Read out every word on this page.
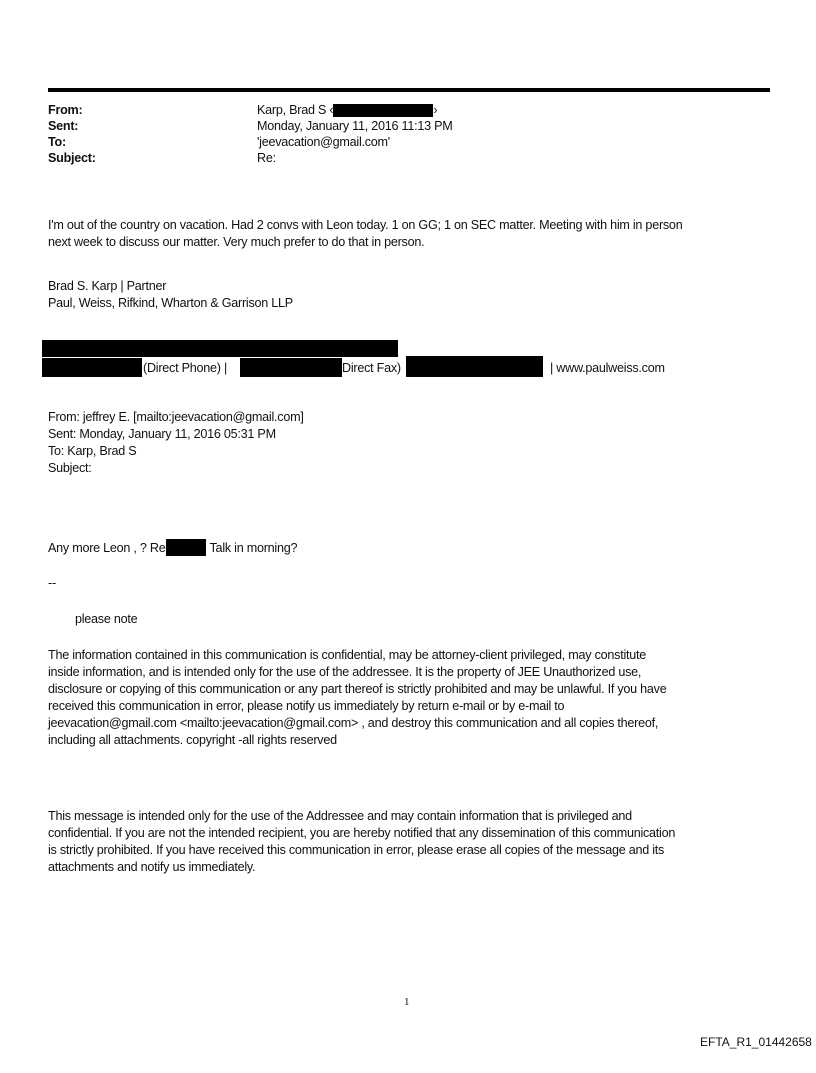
From:	Karp, Brad S ‹	›
Sent:	Monday, January 11, 2016 11:13 PM
To:	'jeevacation@gmail.com'
Subject:	Re:
I'm out of the country on vacation. Had 2 convs with Leon today. 1 on GG; 1 on SEC matter. Meeting with him in person
next week to discuss our matter. Very much prefer to do that in person.
Brad S. Karp | Partner
Paul, Weiss, Rifkind, Wharton & Garrison LLP
(Direct Phone) |	Direct Fax)	| www.paulweiss.com
From: jeffrey E. [mailto:jeevacation@gmail.com]
Sent: Monday, January 11, 2016 05:31 PM
To: Karp, Brad S
Subject:
Any more Leon , ? Re	Talk in morning?
--
please note
The information contained in this communication is confidential, may be attorney-client privileged, may constitute
inside information, and is intended only for the use of the addressee. It is the property of JEE Unauthorized use,
disclosure or copying of this communication or any part thereof is strictly prohibited and may be unlawful. If you have
received this communication in error, please notify us immediately by return e-mail or by e-mail to
jeevacation@gmail.com <mailto:jeevacation@gmail.com> , and destroy this communication and all copies thereof,
including all attachments. copyright -all rights reserved
This message is intended only for the use of the Addressee and may contain information that is privileged and
confidential. If you are not the intended recipient, you are hereby notified that any dissemination of this communication
is strictly prohibited. If you have received this communication in error, please erase all copies of the message and its
attachments and notify us immediately.
1
EFTA_R1_01442658
